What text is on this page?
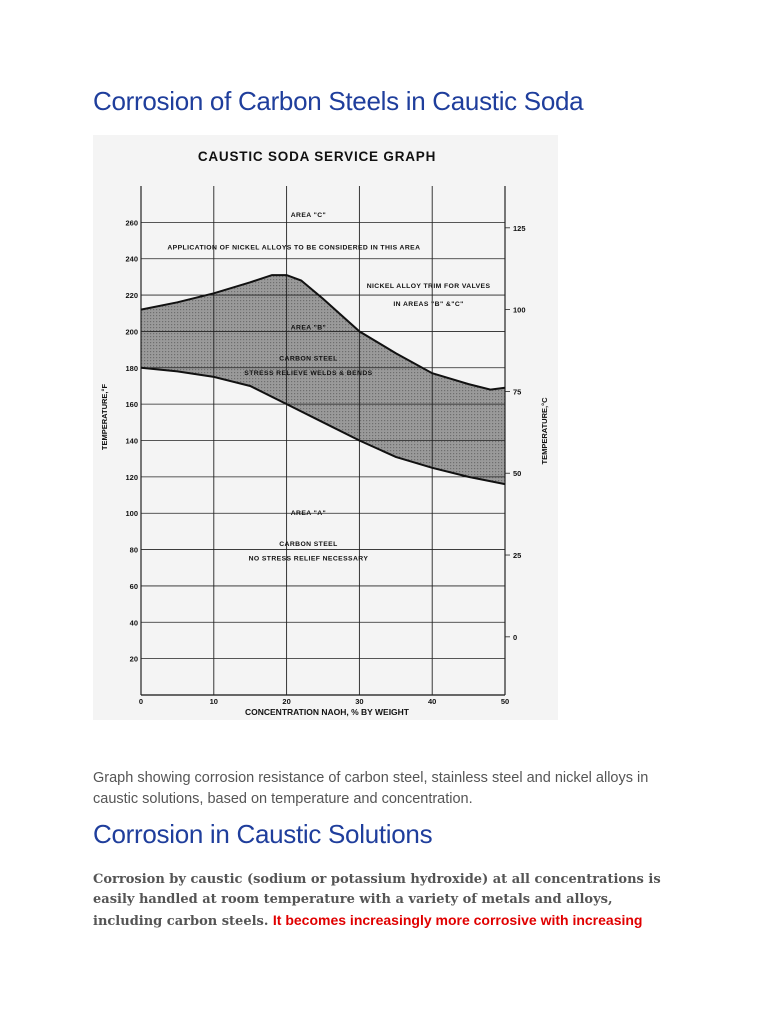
Corrosion of Carbon Steels in Caustic Soda
CAUSTIC SODA SERVICE GRAPH
20
40
60
80
100
120
140
160
180
200
220
240
260
0	10	20	30	40	50
0
25
50
75
100
125
AREA "C"
APPLICATION OF NICKEL ALLOYS TO BE CONSIDERED IN THIS AREA
NICKEL ALLOY TRIM FOR VALVES
IN AREAS "B" &"C"
AREA "B"
CARBON STEEL
STRESS RELIEVE WELDS & BENDS
AREA "A"
CARBON STEEL
NO STRESS RELIEF NECESSARY
CONCENTRATION NAOH, % BY WEIGHT
TEMPERATURE,°F	TEMPERATURE,°C

Graph showing corrosion resistance of carbon steel, stainless steel and nickel alloys in caustic solutions, based on temperature and concentration.

Corrosion in Caustic Solutions

Corrosion by caustic (sodium or potassium hydroxide) at all concentrations is easily handled at room temperature with a variety of metals and alloys, including carbon steels. It becomes increasingly more corrosive with increasing
